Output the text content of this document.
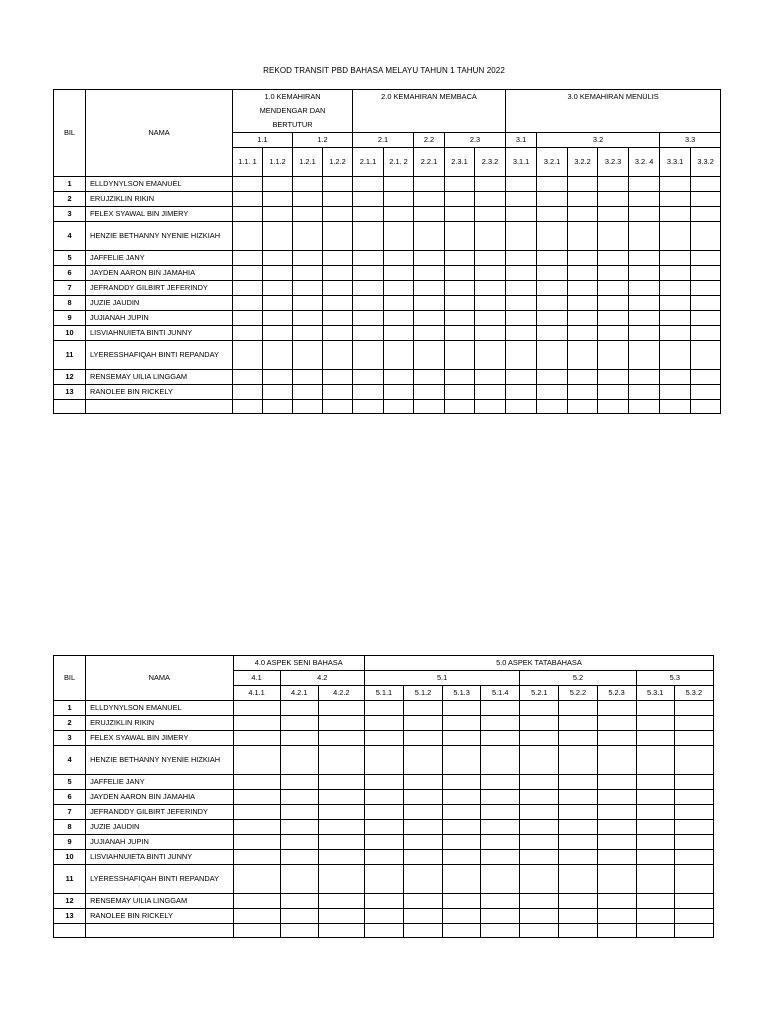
REKOD TRANSIT PBD BAHASA MELAYU TAHUN 1 TAHUN 2022
BIL	NAMA	1.0 KEMAHIRAN MENDENGAR DAN BERTUTUR				2.0 KEMAHIRAN MEMBACA					3.0 KEMAHIRAN MENULIS						
		1.1		1.2		2.1		2.2	2.3		3.1	3.2				3.3	
		1.1. 1	1.1.2	1.2.1	1.2.2	2.1.1	2.1. 2	2.2.1	2.3.1	2.3.2	3.1.1	3.2.1	3.2.2	3.2.3	3.2. 4	3.3.1	3.3.2
1	ELLDYNYLSON EMANUEL																
2	ERUJZIKLIN RIKIN																
3	FELEX SYAWAL BIN JIMERY																
4	HENZIE BETHANNY NYENIE HIZKIAH																
5	JAFFELIE JANY																
6	JAYDEN AARON BIN JAMAHIA																
7	JEFRANDDY GILBIRT JEFERINDY																
8	JUZIE JAUDIN																
9	JUJIANAH JUPIN																
10	LISVIAHNUIETA BINTI JUNNY																
11	LYERESSHAFIQAH BINTI REPANDAY																
12	RENSEMAY UILIA LINGGAM																
13	RANOLEE BIN RICKELY																

BIL	NAMA	4.0 ASPEK SENI BAHASA			5.0 ASPEK TATABAHASA								
		4.1	4.2		5.1				5.2			5.3	
		4.1.1	4.2.1	4.2.2	5.1.1	5.1.2	5.1.3	5.1.4	5.2.1	5.2.2	5.2.3	5.3.1	5.3.2
1	ELLDYNYLSON EMANUEL												
2	ERUJZIKLIN RIKIN												
3	FELEX SYAWAL BIN JIMERY												
4	HENZIE BETHANNY NYENIE HIZKIAH												
5	JAFFELIE JANY												
6	JAYDEN AARON BIN JAMAHIA												
7	JEFRANDDY GILBIRT JEFERINDY												
8	JUZIE JAUDIN												
9	JUJIANAH JUPIN												
10	LISVIAHNUIETA BINTI JUNNY												
11	LYERESSHAFIQAH BINTI REPANDAY												
12	RENSEMAY UILIA LINGGAM												
13	RANOLEE BIN RICKELY												
